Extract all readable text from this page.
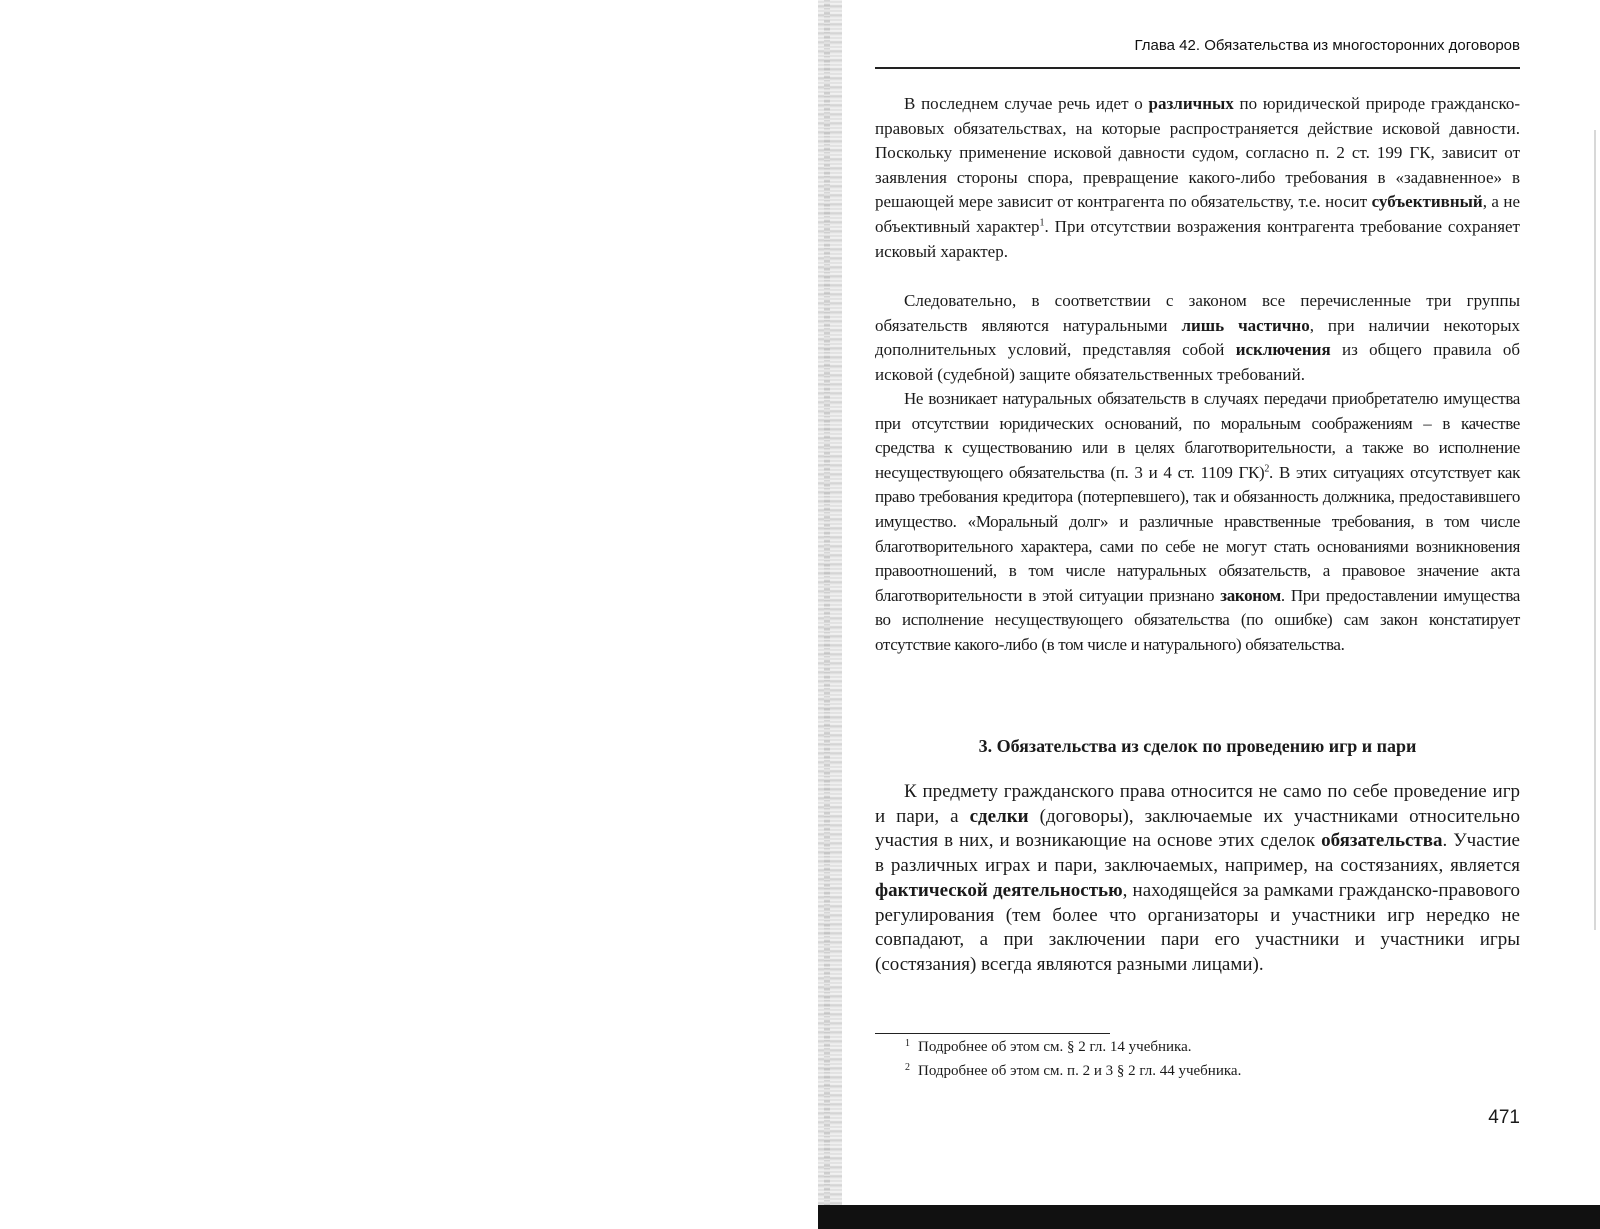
Глава 42. Обязательства из многосторонних договоров

В последнем случае речь идет о различных по юридической природе гражданско-правовых обязательствах, на которые распространяется действие исковой давности. Поскольку применение исковой давности судом, согласно п. 2 ст. 199 ГК, зависит от заявления стороны спора, превращение какого-либо требования в «задавненное» в решающей мере зависит от контрагента по обязательству, т.е. носит субъективный, а не объективный характер$^1$. При отсутствии возражения контрагента требование сохраняет исковый характер.

Следовательно, в соответствии с законом все перечисленные три группы обязательств являются натуральными лишь частично, при наличии некоторых дополнительных условий, представляя собой исключения из общего правила об исковой (судебной) защите обязательственных требований.

Не возникает натуральных обязательств в случаях передачи приобретателю имущества при отсутствии юридических оснований, по моральным соображениям – в качестве средства к существованию или в целях благотворительности, а также во исполнение несуществующего обязательства (п. 3 и 4 ст. 1109 ГК)$^2$. В этих ситуациях отсутствует как право требования кредитора (потерпевшего), так и обязанность должника, предоставившего имущество. «Моральный долг» и различные нравственные требования, в том числе благотворительного характера, сами по себе не могут стать основаниями возникновения правоотношений, в том числе натуральных обязательств, а правовое значение акта благотворительности в этой ситуации признано законом. При предоставлении имущества во исполнение несуществующего обязательства (по ошибке) сам закон констатирует отсутствие какого-либо (в том числе и натурального) обязательства.

3. Обязательства из сделок по проведению игр и пари

К предмету гражданского права относится не само по себе проведение игр и пари, а сделки (договоры), заключаемые их участниками относительно участия в них, и возникающие на основе этих сделок обязательства. Участие в различных играх и пари, заключаемых, например, на состязаниях, является фактической деятельностью, находящейся за рамками гражданско-правового регулирования (тем более что организаторы и участники игр нередко не совпадают, а при заключении пари его участники и участники игры (состязания) всегда являются разными лицами).

$^1$ Подробнее об этом см. § 2 гл. 14 учебника.

$^2$ Подробнее об этом см. п. 2 и 3 § 2 гл. 44 учебника.

471
